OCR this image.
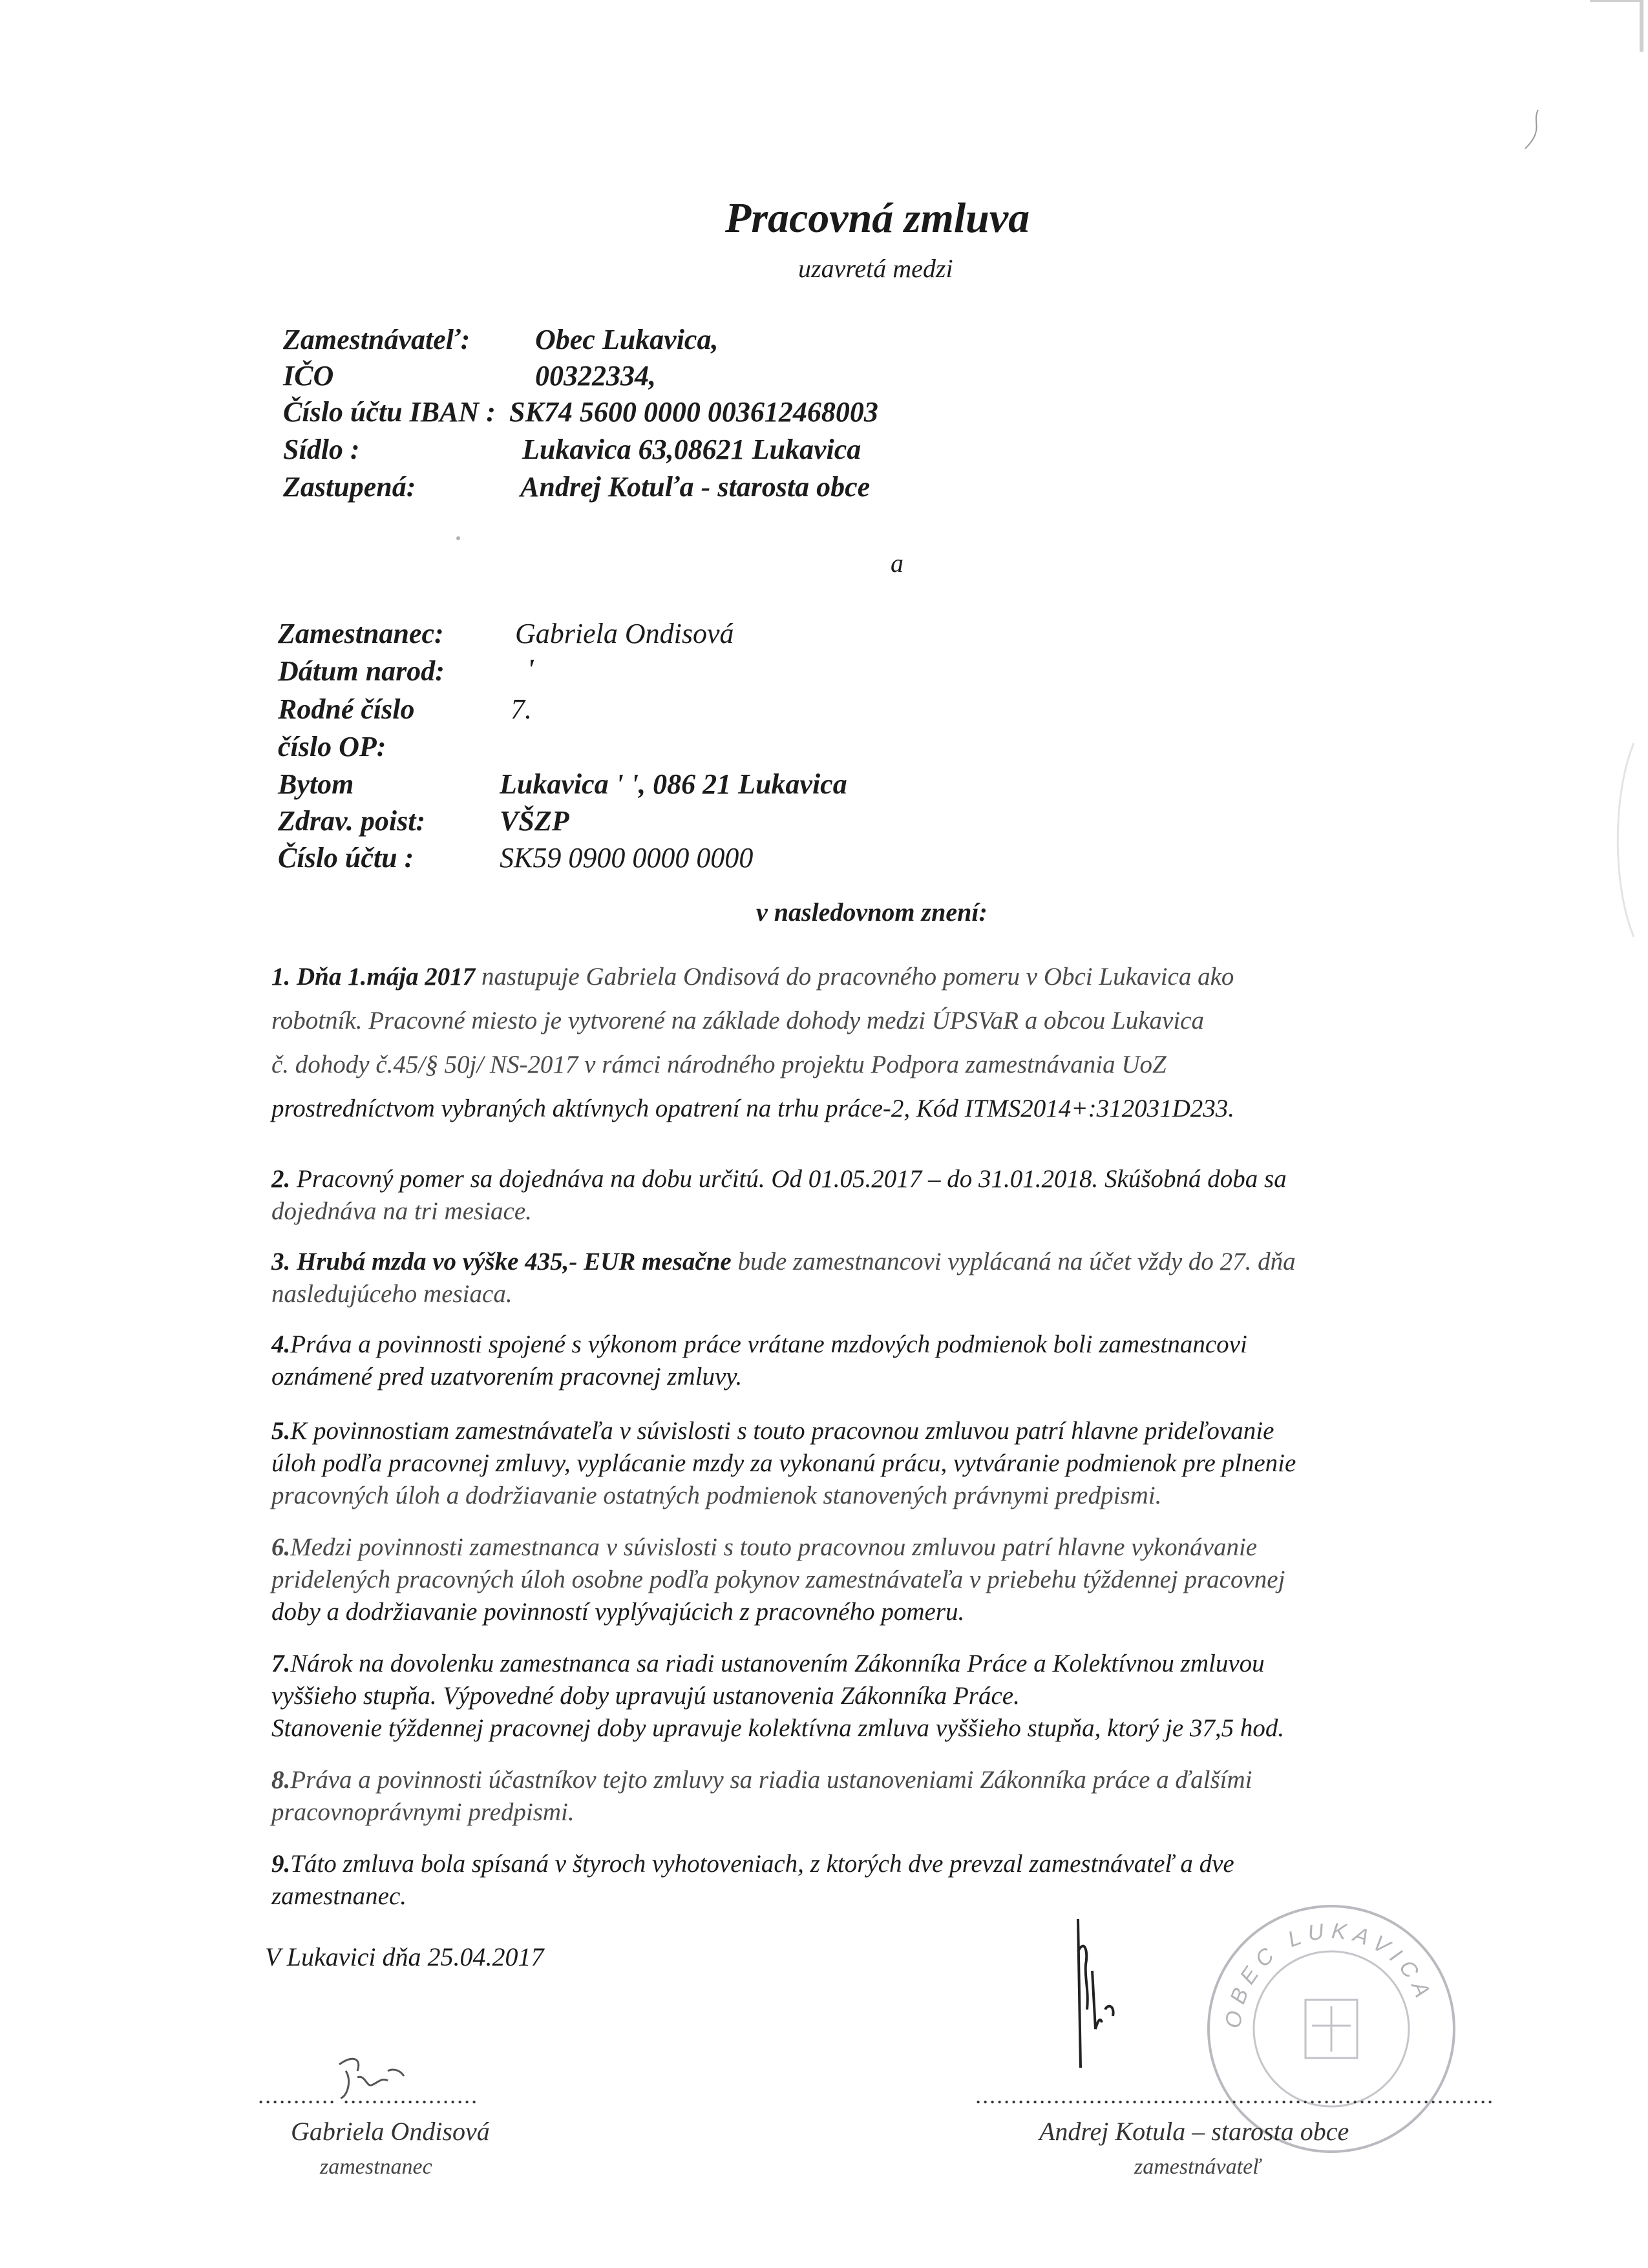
Pracovná zmluva
uzavretá medzi
Zamestnávateľ: Obec Lukavica,
IČO	00322334,
Číslo účtu IBAN : SK74 5600 0000 003612468003
Sídlo :	Lukavica 63,08621 Lukavica
Zastupená:	Andrej Kotuľa - starosta obce
a
Zamestnanec:	Gabriela Ondisová
Dátum narod:	'
Rodné číslo	7.
číslo OP:
Bytom	Lukavica ' ', 086 21 Lukavica
Zdrav. poist:	VŠZP
Číslo účtu :	SK59 0900 0000 0000
v nasledovnom znení:
1. Dňa 1.mája 2017 nastupuje Gabriela Ondisová do pracovného pomeru v Obci Lukavica ako
robotník. Pracovné miesto je vytvorené na základe dohody medzi ÚPSVaR a obcou Lukavica
č. dohody č.45/§ 50j/ NS-2017 v rámci národného projektu Podpora zamestnávania UoZ
prostredníctvom vybraných aktívnych opatrení na trhu práce-2, Kód ITMS2014+:312031D233.
2. Pracovný pomer sa dojednáva na dobu určitú. Od 01.05.2017 – do 31.01.2018. Skúšobná doba sa
dojednáva na tri mesiace.
3. Hrubá mzda vo výške 435,- EUR mesačne bude zamestnancovi vyplácaná na účet vždy do 27. dňa
nasledujúceho mesiaca.
4.Práva a povinnosti spojené s výkonom práce vrátane mzdových podmienok boli zamestnancovi
oznámené pred uzatvorením pracovnej zmluvy.
5.K povinnostiam zamestnávateľa v súvislosti s touto pracovnou zmluvou patrí hlavne prideľovanie
úloh podľa pracovnej zmluvy, vyplácanie mzdy za vykonanú prácu, vytváranie podmienok pre plnenie
pracovných úloh a dodržiavanie ostatných podmienok stanovených právnymi predpismi.
6.Medzi povinnosti zamestnanca v súvislosti s touto pracovnou zmluvou patrí hlavne vykonávanie
pridelených pracovných úloh osobne podľa pokynov zamestnávateľa v priebehu týždennej pracovnej
doby a dodržiavanie povinností vyplývajúcich z pracovného pomeru.
7.Nárok na dovolenku zamestnanca sa riadi ustanovením Zákonníka Práce a Kolektívnou zmluvou
vyššieho stupňa. Výpovedné doby upravujú ustanovenia Zákonníka Práce.
Stanovenie týždennej pracovnej doby upravuje kolektívna zmluva vyššieho stupňa, ktorý je 37,5 hod.
8.Práva a povinnosti účastníkov tejto zmluvy sa riadia ustanoveniami Zákonníka práce a ďalšími
pracovnoprávnymi predpismi.
9.Táto zmluva bola spísaná v štyroch vyhotoveniach, z ktorých dve prevzal zamestnávateľ a dve
zamestnanec.
V Lukavici dňa 25.04.2017
........... ...................
Gabriela Ondisová
zamestnanec
OBEC LUKAVICA
.........................................................................
Andrej Kotula – starosta obce
zamestnávateľ
